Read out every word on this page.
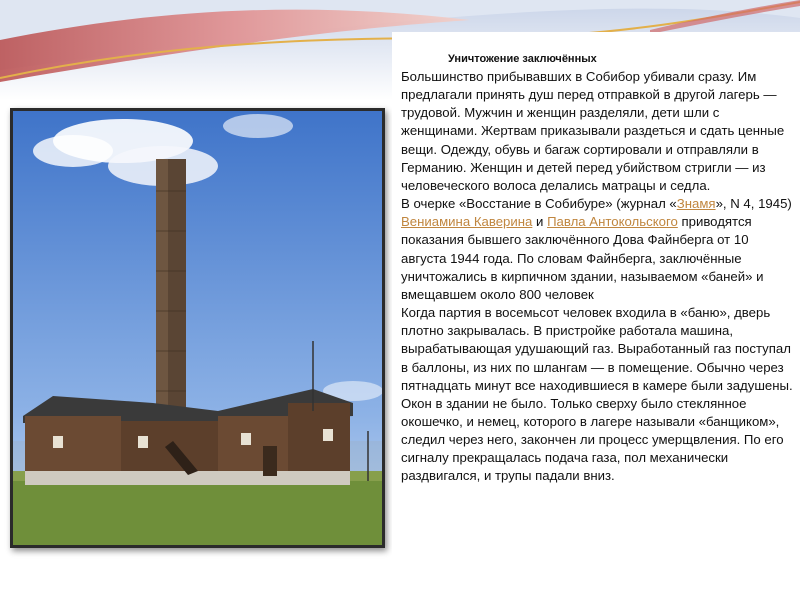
Уничтожение заключённых

Большинство прибывавших в Собибор убивали сразу. Им предлагали принять душ перед отправкой в другой лагерь — трудовой. Мужчин и женщин разделяли, дети шли с женщинами. Жертвам приказывали раздеться и сдать ценные вещи. Одежду, обувь и багаж сортировали и отправляли в Германию. Женщин и детей перед убийством стригли — из человеческого волоса делались матрацы и седла.

В очерке «Восстание в Собибуре» (журнал «Знамя», N 4, 1945) Вениамина Каверина и Павла Антокольского приводятся показания бывшего заключённого Дова Файнберга от 10 августа 1944 года. По словам Файнберга, заключённые уничтожались в кирпичном здании, называемом «баней» и вмещавшем около 800 человек

Когда партия в восемьсот человек входила в «баню», дверь плотно закрывалась. В пристройке работала машина, вырабатывающая удушающий газ. Выработанный газ поступал в баллоны, из них по шлангам — в помещение. Обычно через пятнадцать минут все находившиеся в камере были задушены. Окон в здании не было. Только сверху было стеклянное окошечко, и немец, которого в лагере называли «банщиком», следил через него, закончен ли процесс умерщвления. По его сигналу прекращалась подача газа, пол механически раздвигался, и трупы падали вниз.
